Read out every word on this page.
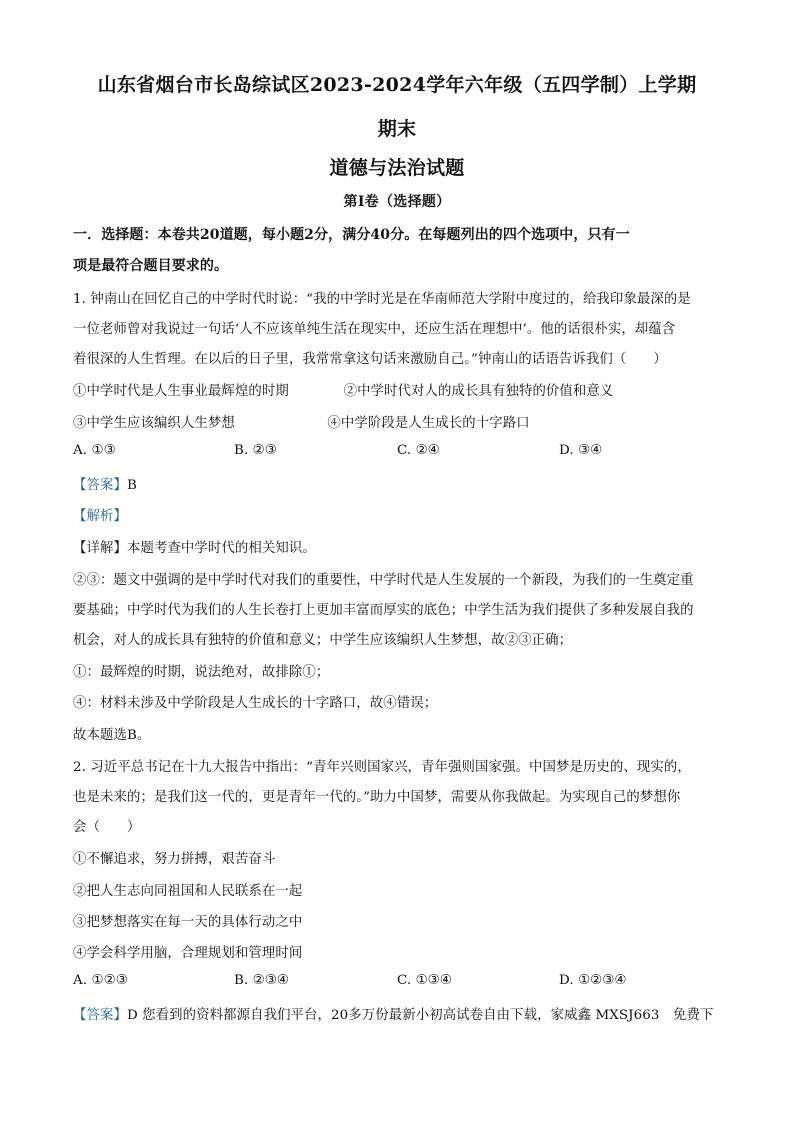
山东省烟台市长岛综试区2023-2024学年六年级（五四学制）上学期
期末
道德与法治试题
第Ⅰ卷（选择题）
一．选择题：本卷共20道题，每小题2分，满分40分。在每题列出的四个选项中，只有一
项是最符合题目要求的。
1. 钟南山在回忆自己的中学时代时说：“我的中学时光是在华南师范大学附中度过的，给我印象最深的是
一位老师曾对我说过一句话‘人不应该单纯生活在现实中，还应生活在理想中’。他的话很朴实，却蕴含
着很深的人生哲理。在以后的日子里，我常常拿这句话来激励自己。”钟南山的话语告诉我们（　　）
①中学时代是人生事业最辉煌的时期	②中学时代对人的成长具有独特的价值和意义
③中学生应该编织人生梦想	④中学阶段是人生成长的十字路口
A. ①③	B. ②③	C. ②④	D. ③④
【答案】B
【解析】
【详解】本题考查中学时代的相关知识。
②③：题文中强调的是中学时代对我们的重要性，中学时代是人生发展的一个新段，为我们的一生奠定重
要基础；中学时代为我们的人生长卷打上更加丰富而厚实的底色；中学生活为我们提供了多种发展自我的
机会，对人的成长具有独特的价值和意义；中学生应该编织人生梦想，故②③正确；
①：最辉煌的时期，说法绝对，故排除①；
④：材料未涉及中学阶段是人生成长的十字路口，故④错误；
故本题选B。
2. 习近平总书记在十九大报告中指出：“青年兴则国家兴，青年强则国家强。中国梦是历史的、现实的，
也是未来的；是我们这一代的，更是青年一代的。”助力中国梦，需要从你我做起。为实现自己的梦想你
会（　　）
①不懈追求，努力拼搏，艰苦奋斗
②把人生志向同祖国和人民联系在一起
③把梦想落实在每一天的具体行动之中
④学会科学用脑，合理规划和管理时间
A. ①②③	B. ②③④	C. ①③④	D. ①②③④
【答案】D 您看到的资料都源自我们平台，20多万份最新小初高试卷自由下载，家威鑫 MXSJ663　免费下
